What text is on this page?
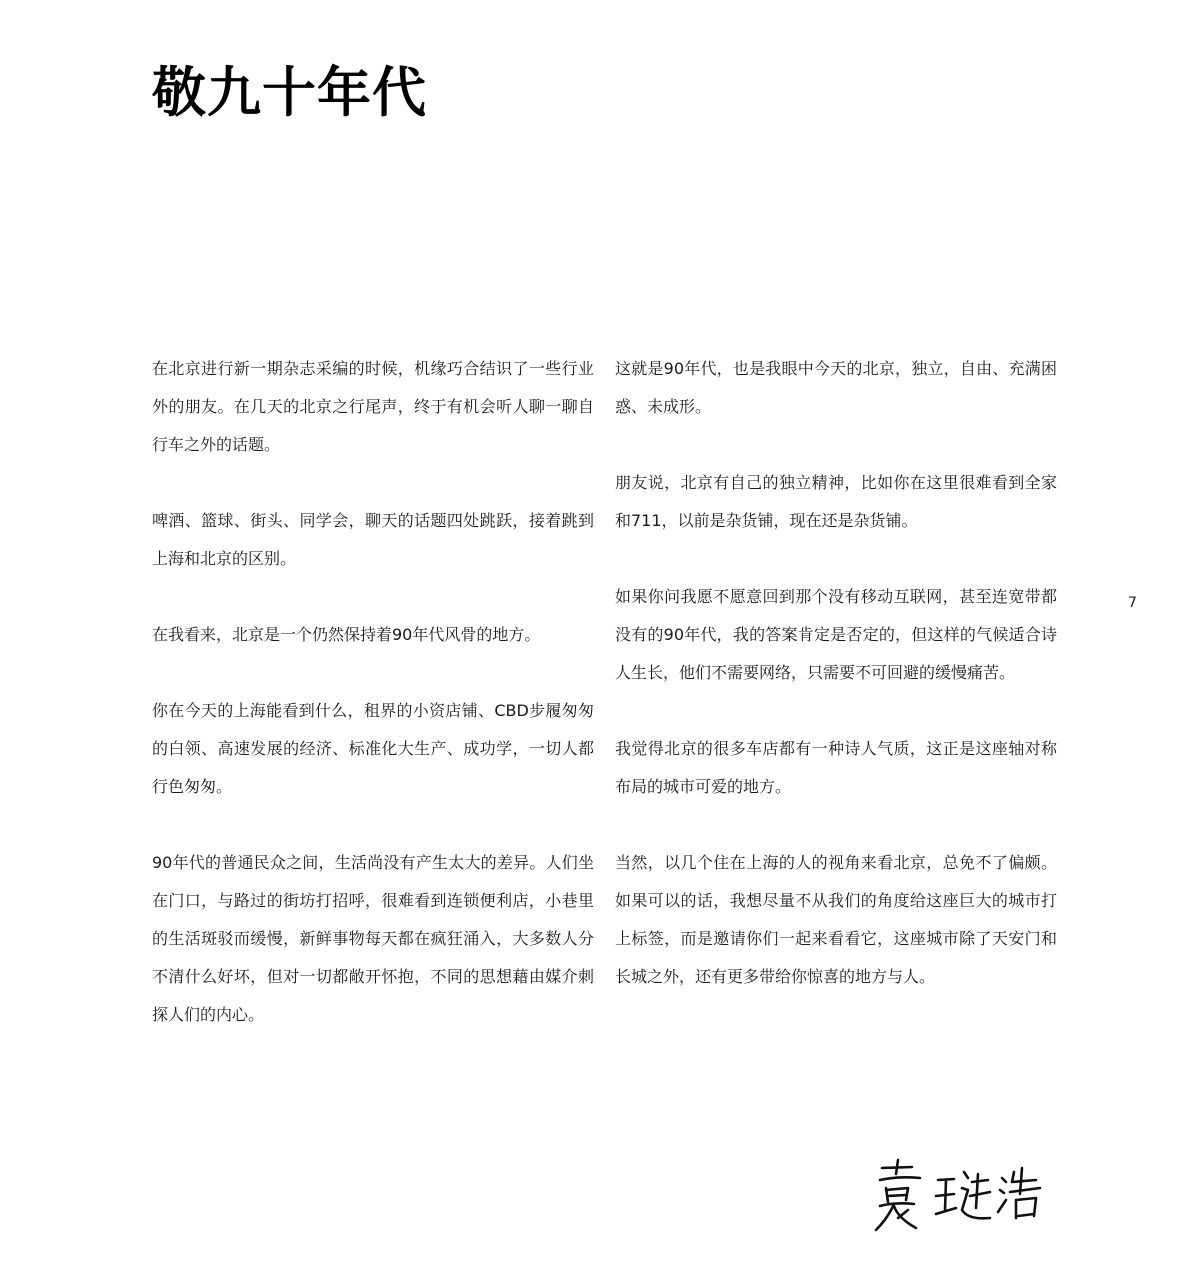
敬九十年代

在北京进行新一期杂志采编的时候，机缘巧合结识了一些行业外的朋友。在几天的北京之行尾声，终于有机会听人聊一聊自行车之外的话题。

啤酒、篮球、街头、同学会，聊天的话题四处跳跃，接着跳到上海和北京的区别。

在我看来，北京是一个仍然保持着90年代风骨的地方。

你在今天的上海能看到什么，租界的小资店铺、CBD步履匆匆的白领、高速发展的经济、标准化大生产、成功学，一切人都行色匆匆。

90年代的普通民众之间，生活尚没有产生太大的差异。人们坐在门口，与路过的街坊打招呼，很难看到连锁便利店，小巷里的生活斑驳而缓慢，新鲜事物每天都在疯狂涌入，大多数人分不清什么好坏，但对一切都敞开怀抱，不同的思想藉由媒介刺探人们的内心。

这就是90年代，也是我眼中今天的北京，独立，自由、充满困惑、未成形。

朋友说，北京有自己的独立精神，比如你在这里很难看到全家和711，以前是杂货铺，现在还是杂货铺。

如果你问我愿不愿意回到那个没有移动互联网，甚至连宽带都没有的90年代，我的答案肯定是否定的，但这样的气候适合诗人生长，他们不需要网络，只需要不可回避的缓慢痛苦。

我觉得北京的很多车店都有一种诗人气质，这正是这座轴对称布局的城市可爱的地方。

当然，以几个住在上海的人的视角来看北京，总免不了偏颇。如果可以的话，我想尽量不从我们的角度给这座巨大的城市打上标签，而是邀请你们一起来看看它，这座城市除了天安门和长城之外，还有更多带给你惊喜的地方与人。

7
